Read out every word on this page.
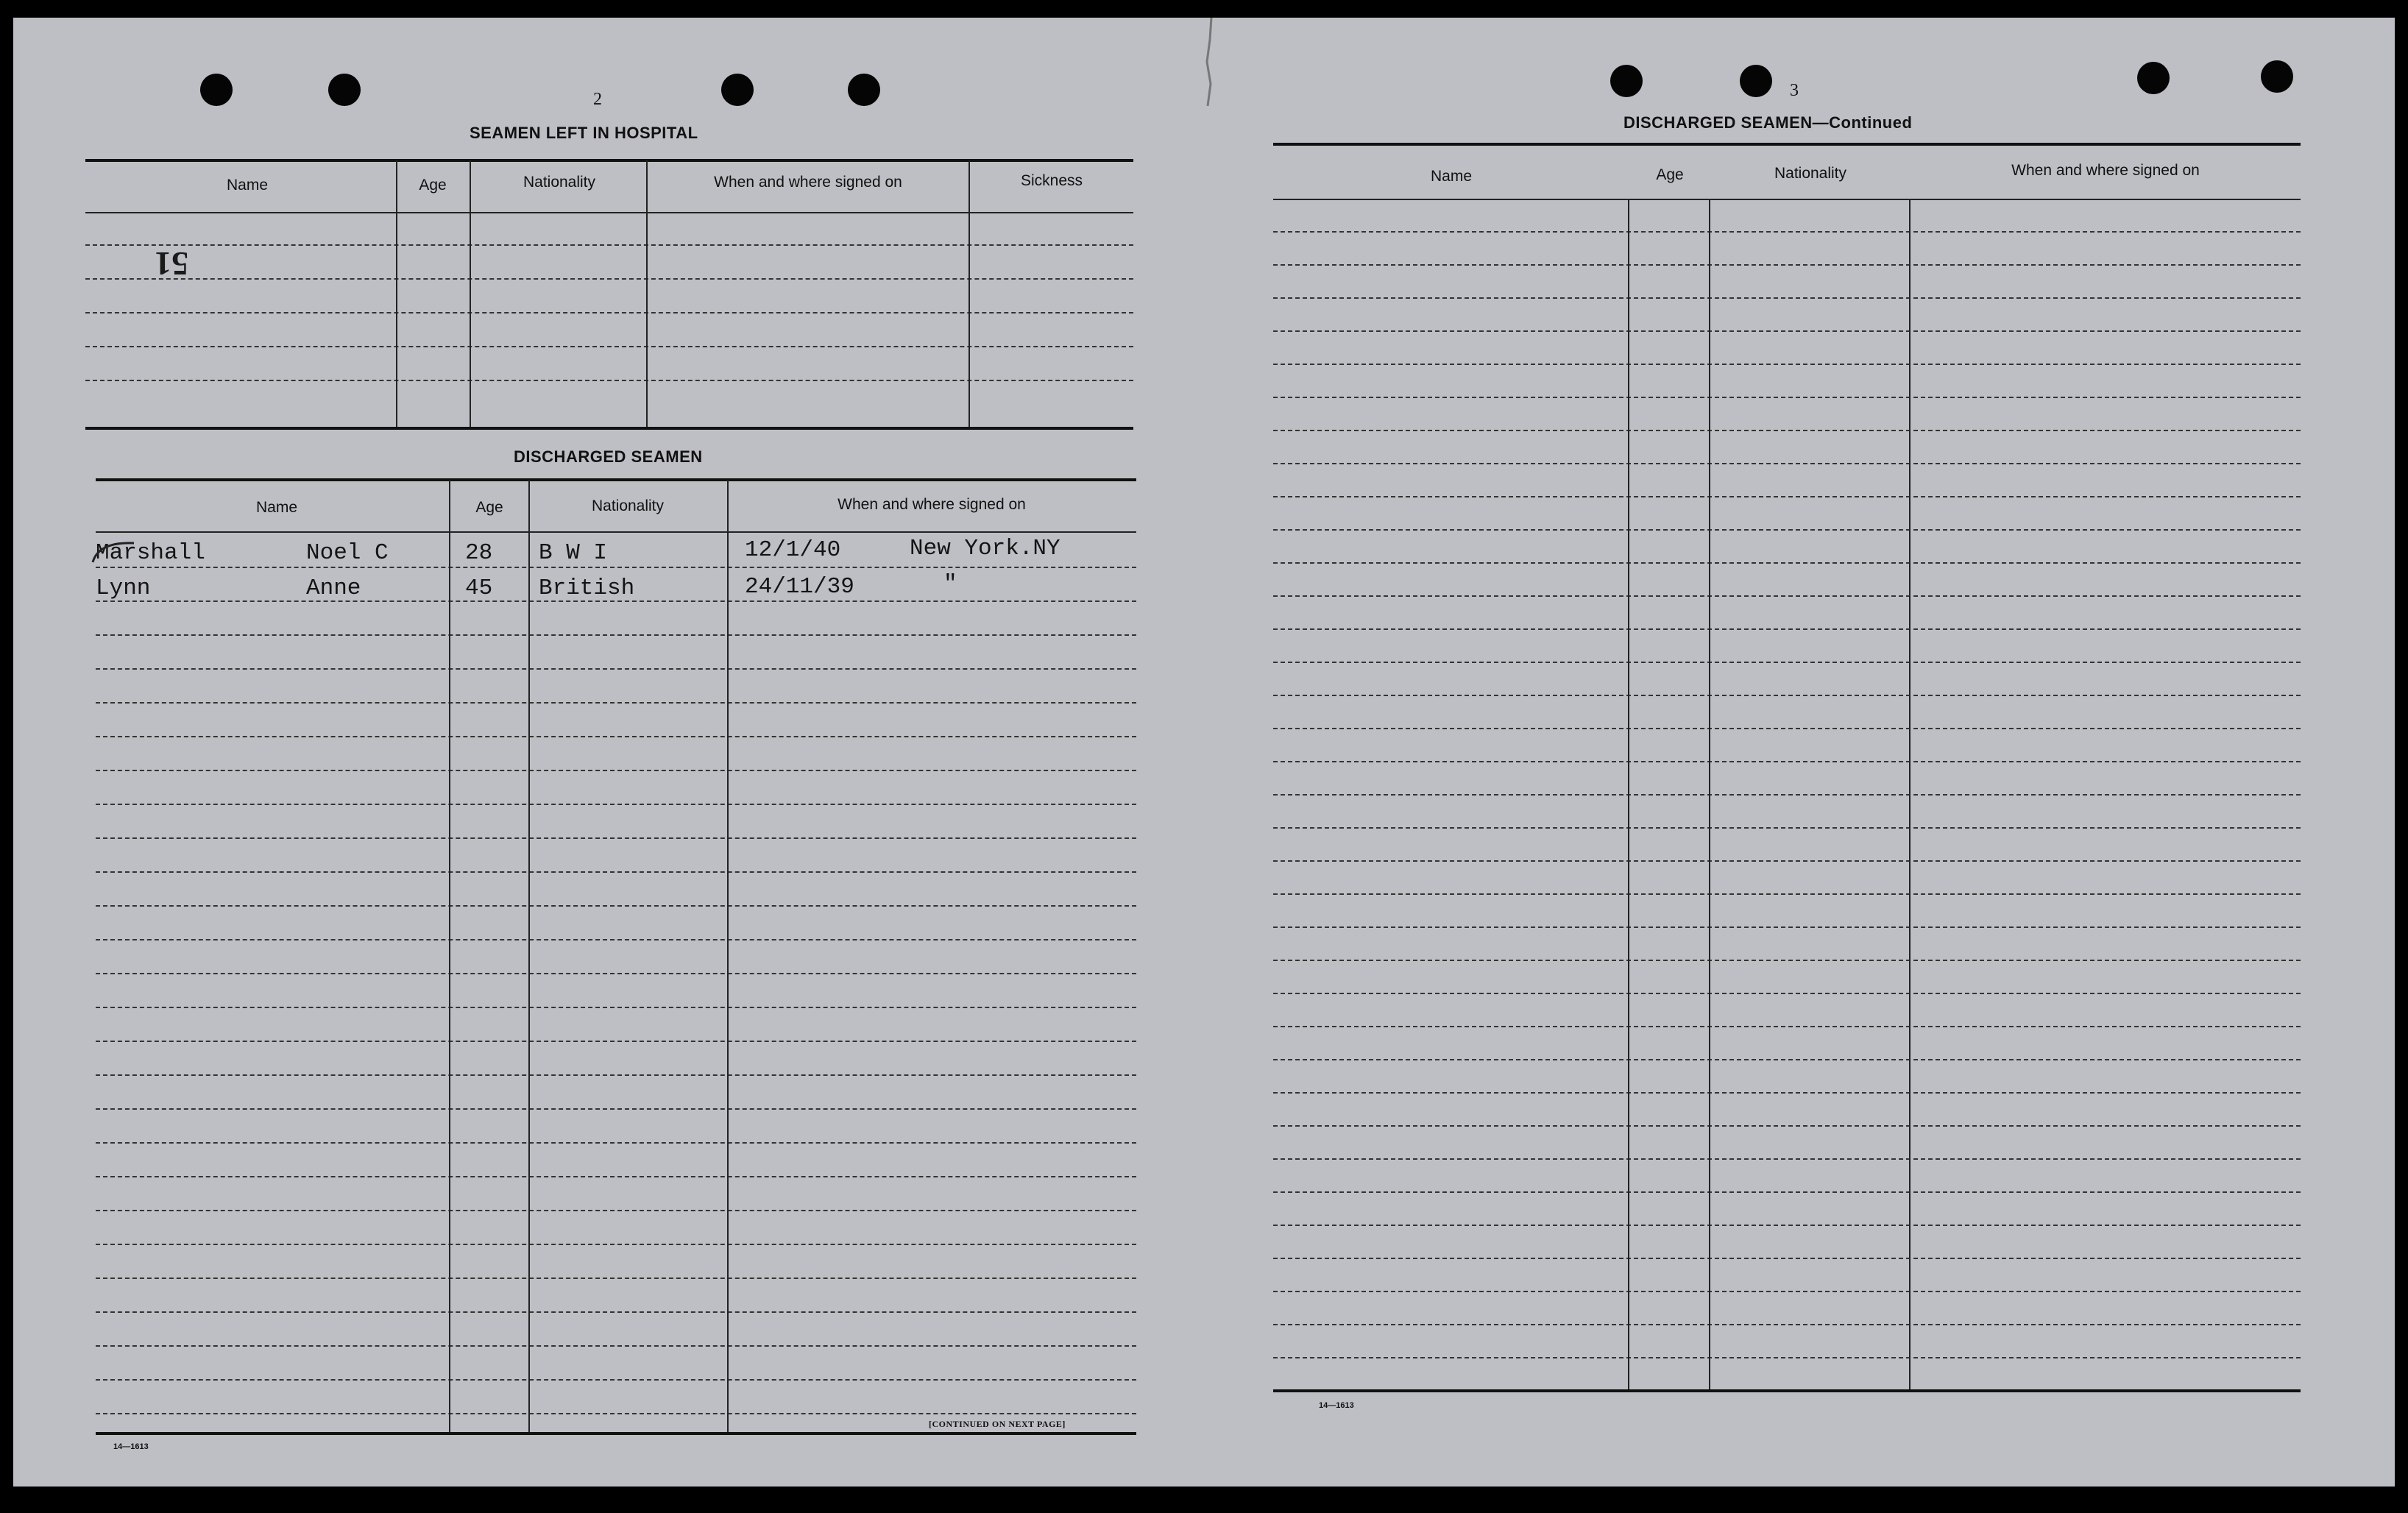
2
SEAMEN LEFT IN HOSPITAL
Name	Age	Nationality	When and where signed on	Sickness
51
DISCHARGED SEAMEN
Name	Age	Nationality	When and where signed on
Marshall	Noel C	28 B W I	12/1/40	New York.NY
Lynn	Anne	45 British	24/11/39	"
14—1613
[CONTINUED ON NEXT PAGE]
3
DISCHARGED SEAMEN—Continued
Name	Age	Nationality	When and where signed on
14—1613
